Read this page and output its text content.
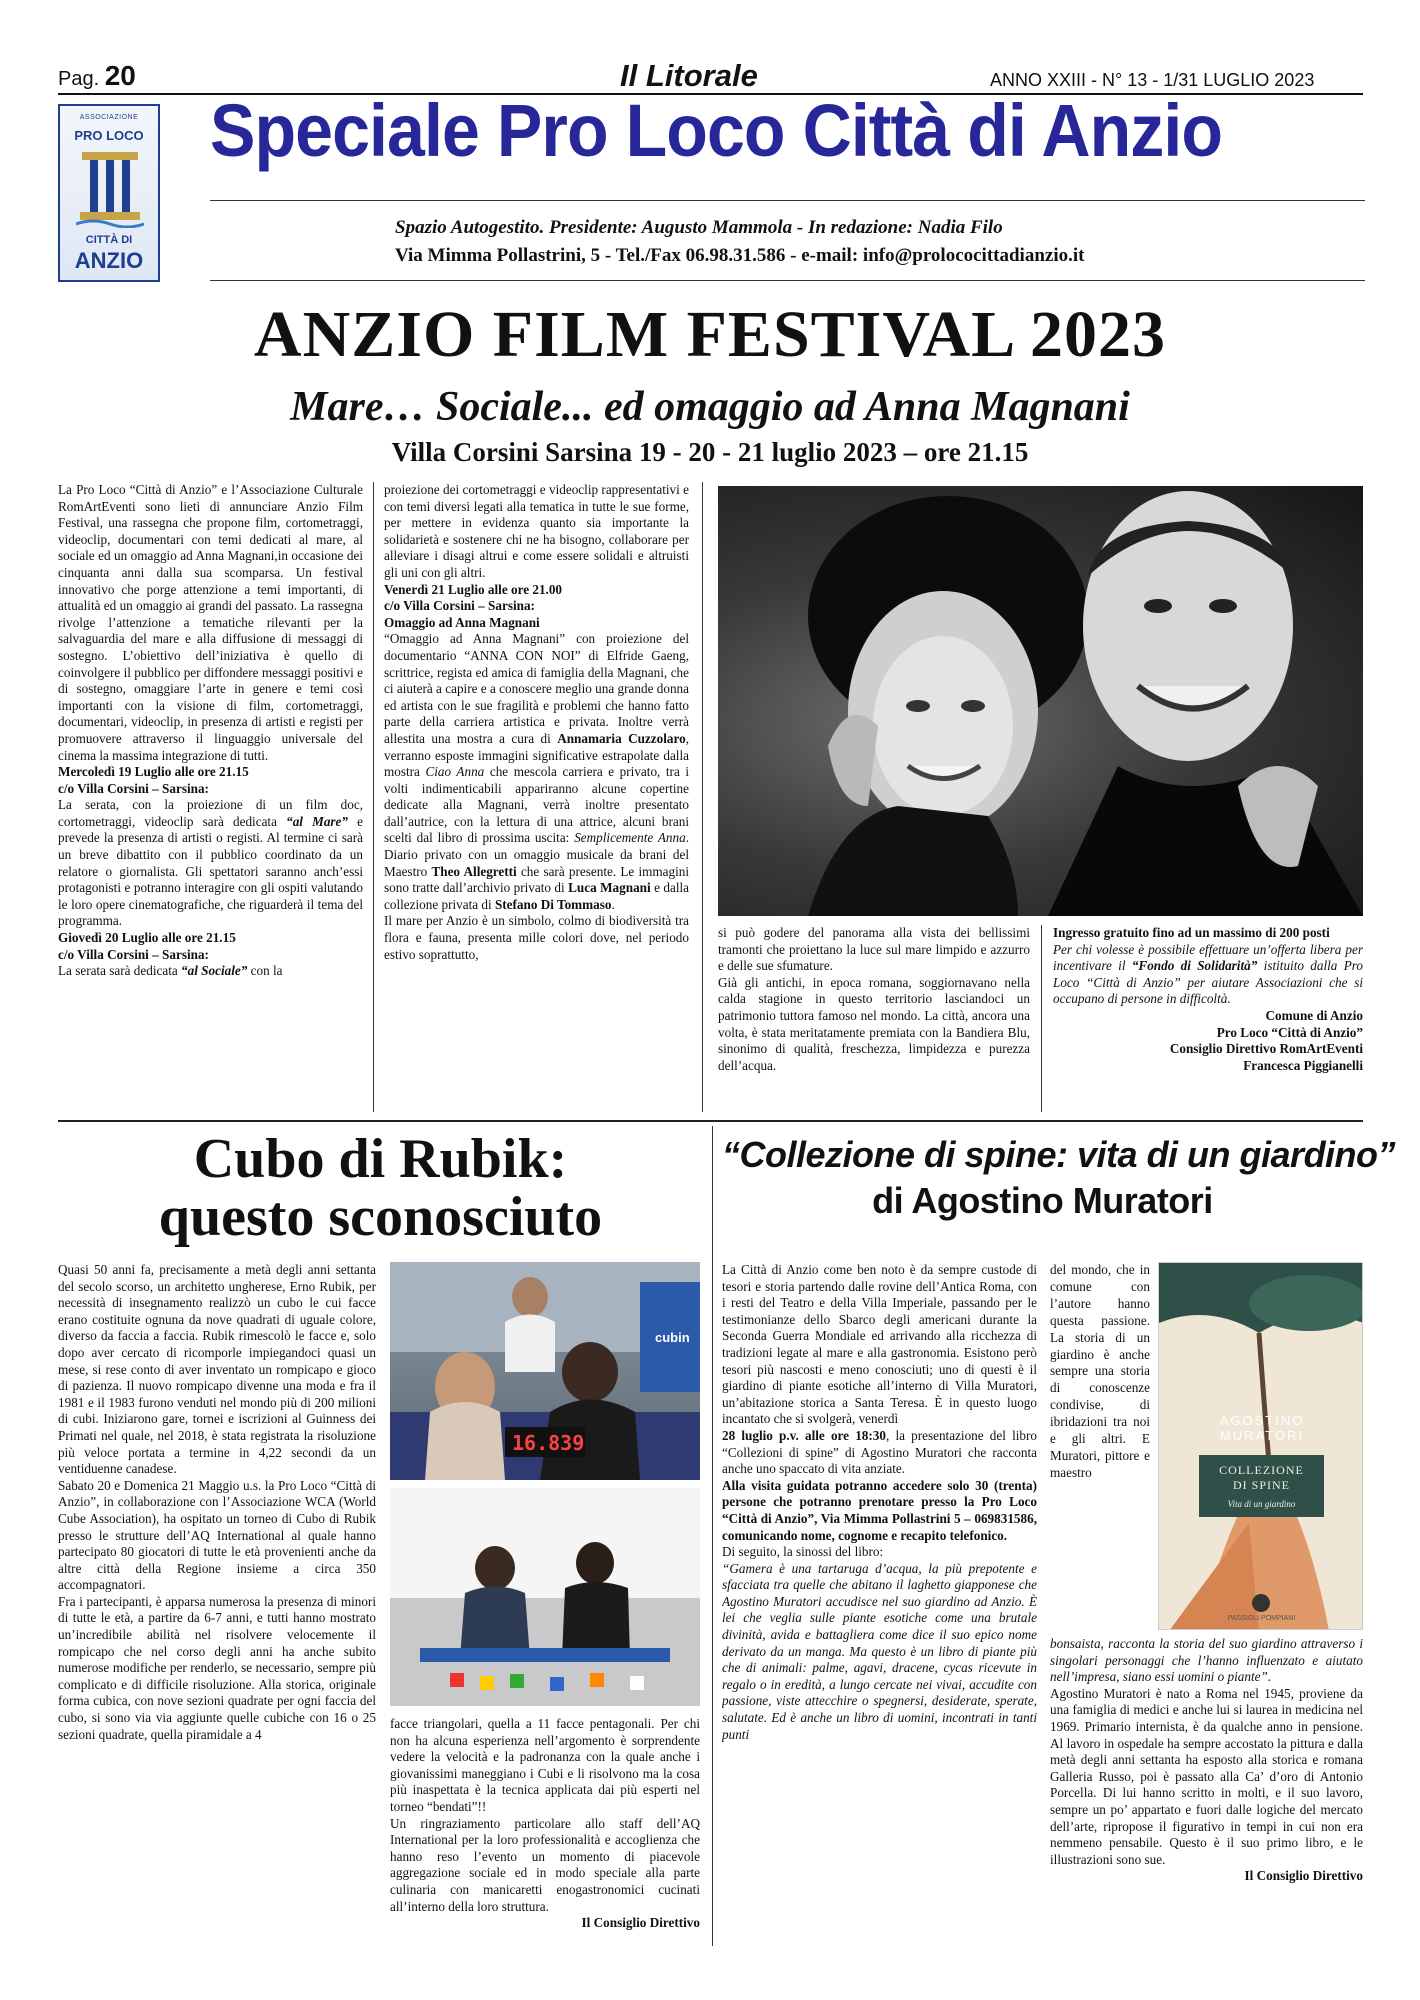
Pag. 20	Il Litorale	ANNO XXIII - N° 13 - 1/31 LUGLIO 2023
ASSOCIAZIONE
PRO LOCO
CITTÀ DI
ANZIO
Speciale Pro Loco Città di Anzio
Spazio Autogestito. Presidente: Augusto Mammola - In redazione: Nadia Filo
Via Mimma Pollastrini, 5 - Tel./Fax 06.98.31.586 - e-mail: info@prolococittadianzio.it
ANZIO FILM FESTIVAL 2023
Mare… Sociale... ed omaggio ad Anna Magnani
Villa Corsini Sarsina 19 - 20 - 21 luglio 2023 – ore 21.15

La Pro Loco “Città di Anzio” e l’Associazione Culturale RomArtEventi sono lieti di annunciare Anzio Film Festival, una rassegna che propone film, cortometraggi, videoclip, documentari con temi dedicati al mare, al sociale ed un omaggio ad Anna Magnani,in occasione dei cinquanta anni dalla sua scomparsa. Un festival innovativo che porge attenzione a temi importanti, di attualità ed un omaggio ai grandi del passato. La rassegna rivolge l’attenzione a tematiche rilevanti per la salvaguardia del mare e alla diffusione di messaggi di sostegno. L’obiettivo dell’iniziativa è quello di coinvolgere il pubblico per diffondere messaggi positivi e di sostegno, omaggiare l’arte in genere e temi così importanti con la visione di film, cortometraggi, documentari, videoclip, in presenza di artisti e registi per promuovere attraverso il linguaggio universale del cinema la massima integrazione di tutti.

Mercoledì 19 Luglio alle ore 21.15

c/o Villa Corsini – Sarsina:

La serata, con la proiezione di un film doc, cortometraggi, videoclip sarà dedicata “al Mare” e prevede la presenza di artisti o registi. Al termine ci sarà un breve dibattito con il pubblico coordinato da un relatore o giornalista. Gli spettatori saranno anch’essi protagonisti e potranno interagire con gli ospiti valutando le loro opere cinematografiche, che riguarderà il tema del programma.

Giovedì 20 Luglio alle ore 21.15

c/o Villa Corsini – Sarsina:

La serata sarà dedicata “al Sociale” con la

proiezione dei cortometraggi e videoclip rappresentativi e con temi diversi legati alla tematica in tutte le sue forme, per mettere in evidenza quanto sia importante la solidarietà e sostenere chi ne ha bisogno, collaborare per alleviare i disagi altrui e come essere solidali e altruisti gli uni con gli altri.

Venerdì 21 Luglio alle ore 21.00

c/o Villa Corsini – Sarsina:

Omaggio ad Anna Magnani

“Omaggio ad Anna Magnani” con proiezione del documentario “ANNA CON NOI” di Elfride Gaeng, scrittrice, regista ed amica di famiglia della Magnani, che ci aiuterà a capire e a conoscere meglio una grande donna ed artista con le sue fragilità e problemi che hanno fatto parte della carriera artistica e privata. Inoltre verrà allestita una mostra a cura di Annamaria Cuzzolaro, verranno esposte immagini significative estrapolate dalla mostra Ciao Anna che mescola carriera e privato, tra i volti indimenticabili appariranno alcune copertine dedicate alla Magnani, verrà inoltre presentato dall’autrice, con la lettura di una attrice, alcuni brani scelti dal libro di prossima uscita: Semplicemente Anna. Diario privato con un omaggio musicale da brani del Maestro Theo Allegretti che sarà presente. Le immagini sono tratte dall’archivio privato di Luca Magnani e dalla collezione privata di Stefano Di Tommaso.

Il mare per Anzio è un simbolo, colmo di biodiversità tra flora e fauna, presenta mille colori dove, nel periodo estivo soprattutto,

si può godere del panorama alla vista dei bellissimi tramonti che proiettano la luce sul mare limpido e azzurro e delle sue sfumature.

Già gli antichi, in epoca romana, soggiornavano nella calda stagione in questo territorio lasciandoci un patrimonio tuttora famoso nel mondo. La città, ancora una volta, è stata meritatamente premiata con la Bandiera Blu, sinonimo di qualità, freschezza, limpidezza e purezza dell’acqua.

Ingresso gratuito fino ad un massimo di 200 posti

Per chi volesse è possibile effettuare un’offerta libera per incentivare il “Fondo di Solidarità” istituito dalla Pro Loco “Città di Anzio” per aiutare Associazioni che si occupano di persone in difficoltà.

Comune di Anzio

Pro Loco “Città di Anzio”

Consiglio Direttivo RomArtEventi

Francesca Piggianelli

Cubo di Rubik:
questo sconosciuto

Quasi 50 anni fa, precisamente a metà degli anni settanta del secolo scorso, un architetto ungherese, Erno Rubik, per necessità di insegnamento realizzò un cubo le cui facce erano costituite ognuna da nove quadrati di uguale colore, diverso da faccia a faccia. Rubik rimescolò le facce e, solo dopo aver cercato di ricomporle impiegandoci quasi un mese, si rese conto di aver inventato un rompicapo e gioco di pazienza. Il nuovo rompicapo divenne una moda e fra il 1981 e il 1983 furono venduti nel mondo più di 200 milioni di cubi. Iniziarono gare, tornei e iscrizioni al Guinness dei Primati nel quale, nel 2018, è stata registrata la risoluzione più veloce portata a termine in 4,22 secondi da un ventiduenne canadese.

Sabato 20 e Domenica 21 Maggio u.s. la Pro Loco “Città di Anzio”, in collaborazione con l’Associazione WCA (World Cube Association), ha ospitato un torneo di Cubo di Rubik presso le strutture dell’AQ International al quale hanno partecipato 80 giocatori di tutte le età provenienti anche da altre città della Regione insieme a circa 350 accompagnatori.

Fra i partecipanti, è apparsa numerosa la presenza di minori di tutte le età, a partire da 6-7 anni, e tutti hanno mostrato un’incredibile abilità nel risolvere velocemente il rompicapo che nel corso degli anni ha anche subito numerose modifiche per renderlo, se necessario, sempre più complicato e di difficile risoluzione. Alla storica, originale forma cubica, con nove sezioni quadrate per ogni faccia del cubo, si sono via via aggiunte quelle cubiche con 16 o 25 sezioni quadrate, quella piramidale a 4

cubin
16.839

facce triangolari, quella a 11 facce pentagonali. Per chi non ha alcuna esperienza nell’argomento è sorprendente vedere la velocità e la padronanza con la quale anche i giovanissimi maneggiano i Cubi e li risolvono ma la cosa più inaspettata è la tecnica applicata dai più esperti nel torneo “bendati”!!

Un ringraziamento particolare allo staff dell’AQ International per la loro professionalità e accoglienza che hanno reso l’evento un momento di piacevole aggregazione sociale ed in modo speciale alla parte culinaria con manicaretti enogastronomici cucinati all’interno della loro struttura.

Il Consiglio Direttivo

“Collezione di spine: vita di un giardino”
di Agostino Muratori

La Città di Anzio come ben noto è da sempre custode di tesori e storia partendo dalle rovine dell’Antica Roma, con i resti del Teatro e della Villa Imperiale, passando per le testimonianze dello Sbarco degli americani durante la Seconda Guerra Mondiale ed arrivando alla ricchezza di tradizioni legate al mare e alla gastronomia. Esistono però tesori più nascosti e meno conosciuti; uno di questi è il giardino di piante esotiche all’interno di Villa Muratori, un’abitazione storica a Santa Teresa. È in questo luogo incantato che si svolgerà, venerdì

28 luglio p.v. alle ore 18:30, la presentazione del libro “Collezioni di spine” di Agostino Muratori che racconta anche uno spaccato di vita anziate.

Alla visita guidata potranno accedere solo 30 (trenta) persone che potranno prenotare presso la Pro Loco “Città di Anzio”, Via Mimma Pollastrini 5 – 069831586, comunicando nome, cognome e recapito telefonico.

Di seguito, la sinossi del libro:

“Gamera è una tartaruga d’acqua, la più prepotente e sfacciata tra quelle che abitano il laghetto giapponese che Agostino Muratori accudisce nel suo giardino ad Anzio. È lei che veglia sulle piante esotiche come una brutale divinità, avida e battagliera come dice il suo epico nome derivato da un manga. Ma questo è un libro di piante più che di animali: palme, agavi, dracene, cycas ricevute in regalo o in eredità, a lungo cercate nei vivai, accudite con passione, viste attecchire o spegnersi, desiderate, sperate, salutate. Ed è anche un libro di uomini, incontrati in tanti punti

del mondo, che in comune con l’autore hanno questa passione. La storia di un giardino è anche sempre una storia di conoscenze condivise, di ibridazioni tra noi e gli altri. E Muratori, pittore e maestro
AGOSTINO
MURATORI
COLLEZIONE
DI SPINE
Vita di un giardino
PASSIGLI POMPIANI

bonsaista, racconta la storia del suo giardino attraverso i singolari personaggi che l’hanno influenzato e aiutato nell’impresa, siano essi uomini o piante”.

Agostino Muratori è nato a Roma nel 1945, proviene da una famiglia di medici e anche lui si laurea in medicina nel 1969. Primario internista, è da qualche anno in pensione. Al lavoro in ospedale ha sempre accostato la pittura e dalla metà degli anni settanta ha esposto alla storica e romana Galleria Russo, poi è passato alla Ca’ d’oro di Antonio Porcella. Di lui hanno scritto in molti, e il suo lavoro, sempre un po’ appartato e fuori dalle logiche del mercato dell’arte, ripropose il figurativo in tempi in cui non era nemmeno pensabile. Questo è il suo primo libro, e le illustrazioni sono sue.

Il Consiglio Direttivo
